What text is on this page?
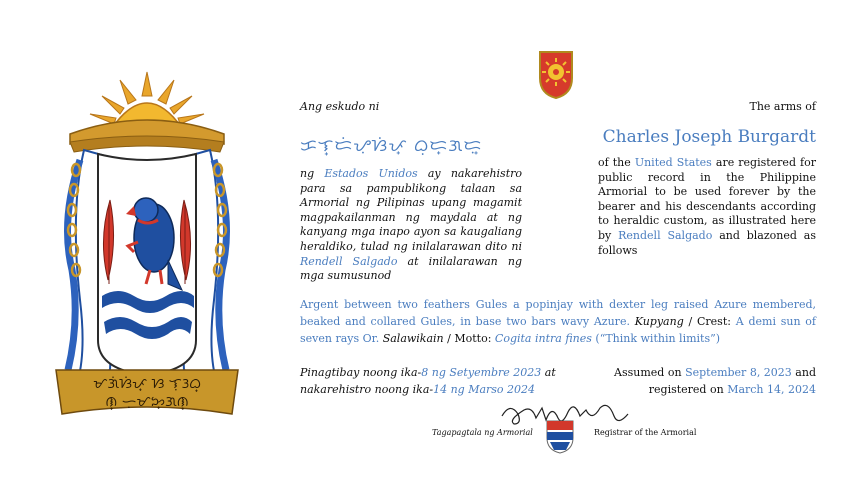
ᜋᜄᜒᜐᜒᜉ᜔ ᜐ ᜎᜓᜂᜊ᜔
ᜈ᜔ ᜑᜓᜋᜅ᜔ᜄᜈ᜔
Ang eskudo ni
ᜃᜎ᜔ᜇᜒᜌᜓᜐᜒᜉ᜔ ᜊᜓᜇ᜔ᜄᜇᜓ᜔
ng Estados Unidos ay nakarehistro para sa pampublikong talaan sa Armorial ng Pilipinas upang magamit magpakailanman ng maydala at ng kanyang mga inapo ayon sa kaugaliang heraldiko, tulad ng inilalarawan dito ni Rendell Salgado at inilalarawan ng mga sumusunod
The arms of
Charles Joseph Burgardt
of the United States are registered for public record in the Philippine Armorial to be used forever by the bearer and his descendants according to heraldic custom, as illustrated here by Rendell Salgado and blazoned as follows
Argent between two feathers Gules a popinjay with dexter leg raised Azure membered, beaked and collared Gules, in base two bars wavy Azure. Kupyang / Crest: A demi sun of seven rays Or. Salawikain / Motto: Cogita intra fines (“Think within limits”)
Pinagtibay noong ika-8 ng Setyembre 2023 at
nakarehistro noong ika-14 ng Marso 2024
Assumed on September 8, 2023 and
registered on March 14, 2024
Tagapagtala ng Armorial	Registrar of the Armorial
